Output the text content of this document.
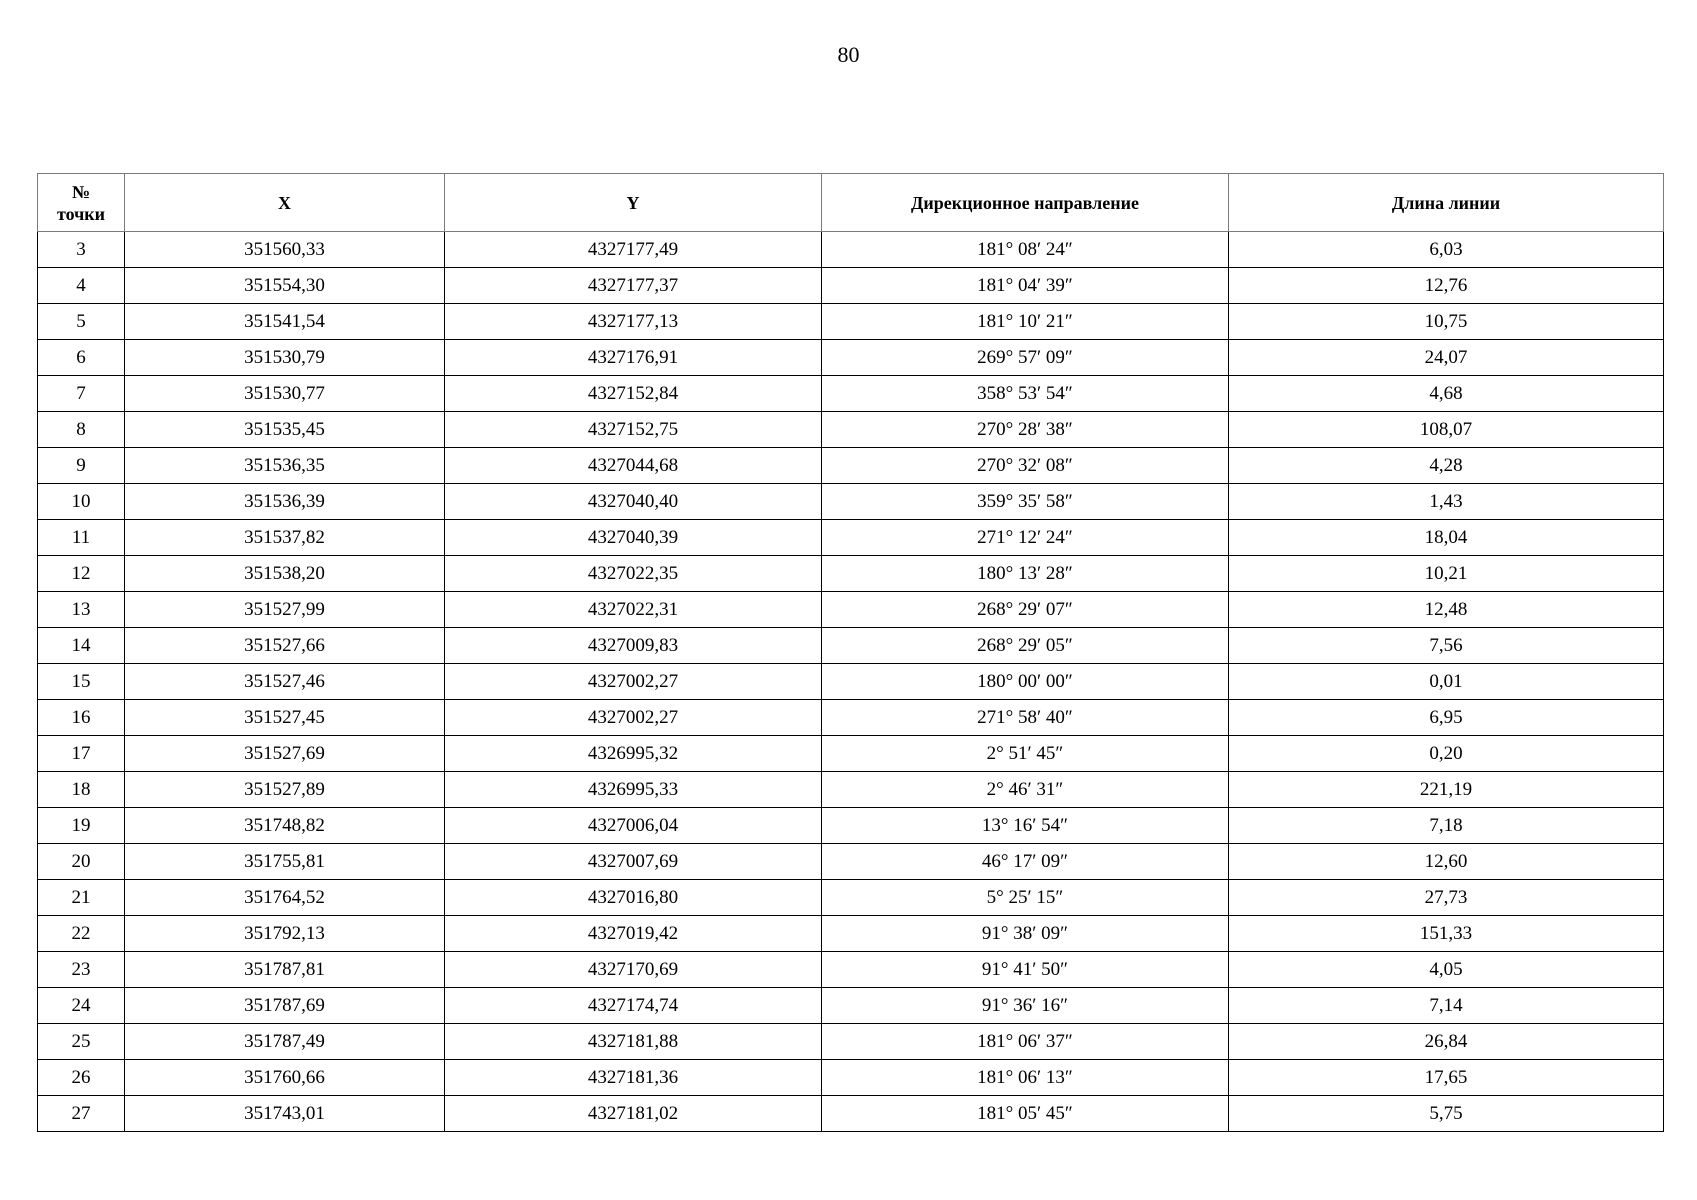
80
№
точки	X	Y	Дирекционное направление	Длина линии
3	351560,33	4327177,49	181° 08′ 24″	6,03
4	351554,30	4327177,37	181° 04′ 39″	12,76
5	351541,54	4327177,13	181° 10′ 21″	10,75
6	351530,79	4327176,91	269° 57′ 09″	24,07
7	351530,77	4327152,84	358° 53′ 54″	4,68
8	351535,45	4327152,75	270° 28′ 38″	108,07
9	351536,35	4327044,68	270° 32′ 08″	4,28
10	351536,39	4327040,40	359° 35′ 58″	1,43
11	351537,82	4327040,39	271° 12′ 24″	18,04
12	351538,20	4327022,35	180° 13′ 28″	10,21
13	351527,99	4327022,31	268° 29′ 07″	12,48
14	351527,66	4327009,83	268° 29′ 05″	7,56
15	351527,46	4327002,27	180° 00′ 00″	0,01
16	351527,45	4327002,27	271° 58′ 40″	6,95
17	351527,69	4326995,32	2° 51′ 45″	0,20
18	351527,89	4326995,33	2° 46′ 31″	221,19
19	351748,82	4327006,04	13° 16′ 54″	7,18
20	351755,81	4327007,69	46° 17′ 09″	12,60
21	351764,52	4327016,80	5° 25′ 15″	27,73
22	351792,13	4327019,42	91° 38′ 09″	151,33
23	351787,81	4327170,69	91° 41′ 50″	4,05
24	351787,69	4327174,74	91° 36′ 16″	7,14
25	351787,49	4327181,88	181° 06′ 37″	26,84
26	351760,66	4327181,36	181° 06′ 13″	17,65
27	351743,01	4327181,02	181° 05′ 45″	5,75
